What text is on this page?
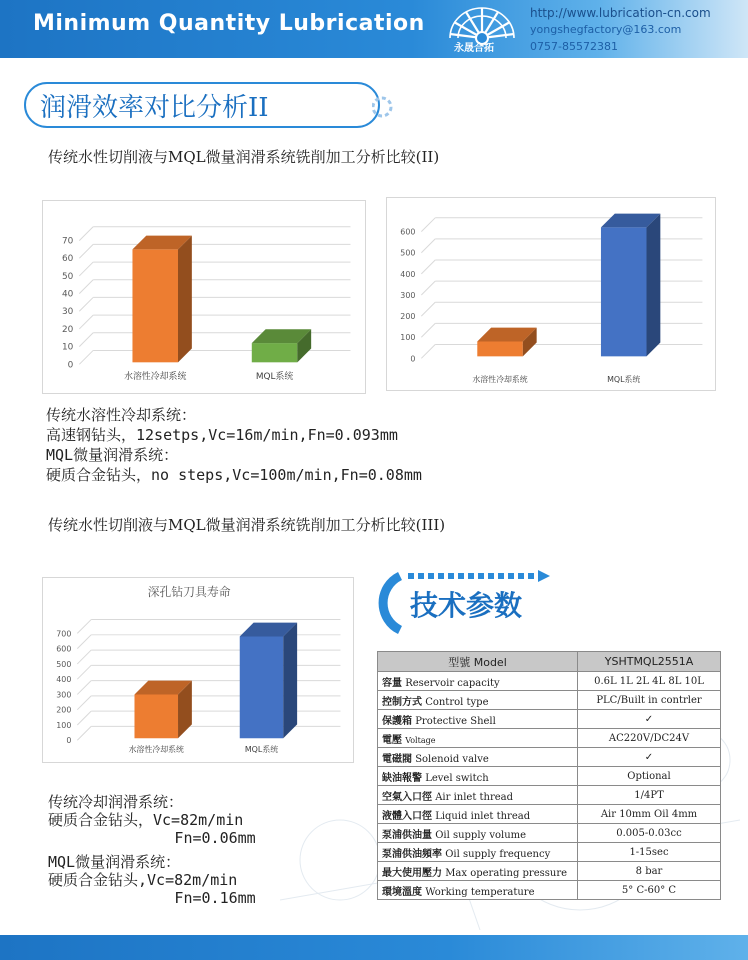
Minimum Quantity Lubrication
永晟合拓
http://www.lubrication-cn.com
yongshegfactory@163.com
0757-85572381
润滑效率对比分析II
传统水性切削液与MQL微量润滑系统铣削加工分析比较(II)
0
10
20
30
40
50
60
70
水溶性冷却系统	MQL系统
0
100
200
300
400
500
600
水溶性冷却系统	MQL系统
传统水溶性冷却系统：
高速钢钻头，12setps,Vc=16m/min,Fn=0.093mm
MQL微量润滑系统：
硬质合金钻头，no steps,Vc=100m/min,Fn=0.08mm
传统水性切削液与MQL微量润滑系统铣削加工分析比较(III)
0
100
200
300
400
500
600
700
深孔钻刀具寿命
水溶性冷却系统	MQL系统
传统冷却润滑系统：
硬质合金钻头，Vc=82m/min
Fn=0.06mm
MQL微量润滑系统：
硬质合金钻头,Vc=82m/min
Fn=0.16mm
技术参数
型號 Model	YSHTMQL2551A
容量 Reservoir capacity	0.6L 1L 2L 4L 8L 10L
控制方式 Control type	PLC/Built in contrler
保護箱 Protective Shell	✓
電壓 Voltage	AC220V/DC24V
電磁閥 Solenoid valve	✓
缺油報警 Level switch	Optional
空氣入口徑 Air inlet thread	1/4PT
液體入口徑 Liquid inlet thread	Air 10mm Oil 4mm
泵浦供油量 Oil supply volume	0.005-0.03cc
泵浦供油頻率 Oil supply frequency	1-15sec
最大使用壓力 Max operating pressure	8 bar
環境溫度 Working temperature	5° C-60° C
